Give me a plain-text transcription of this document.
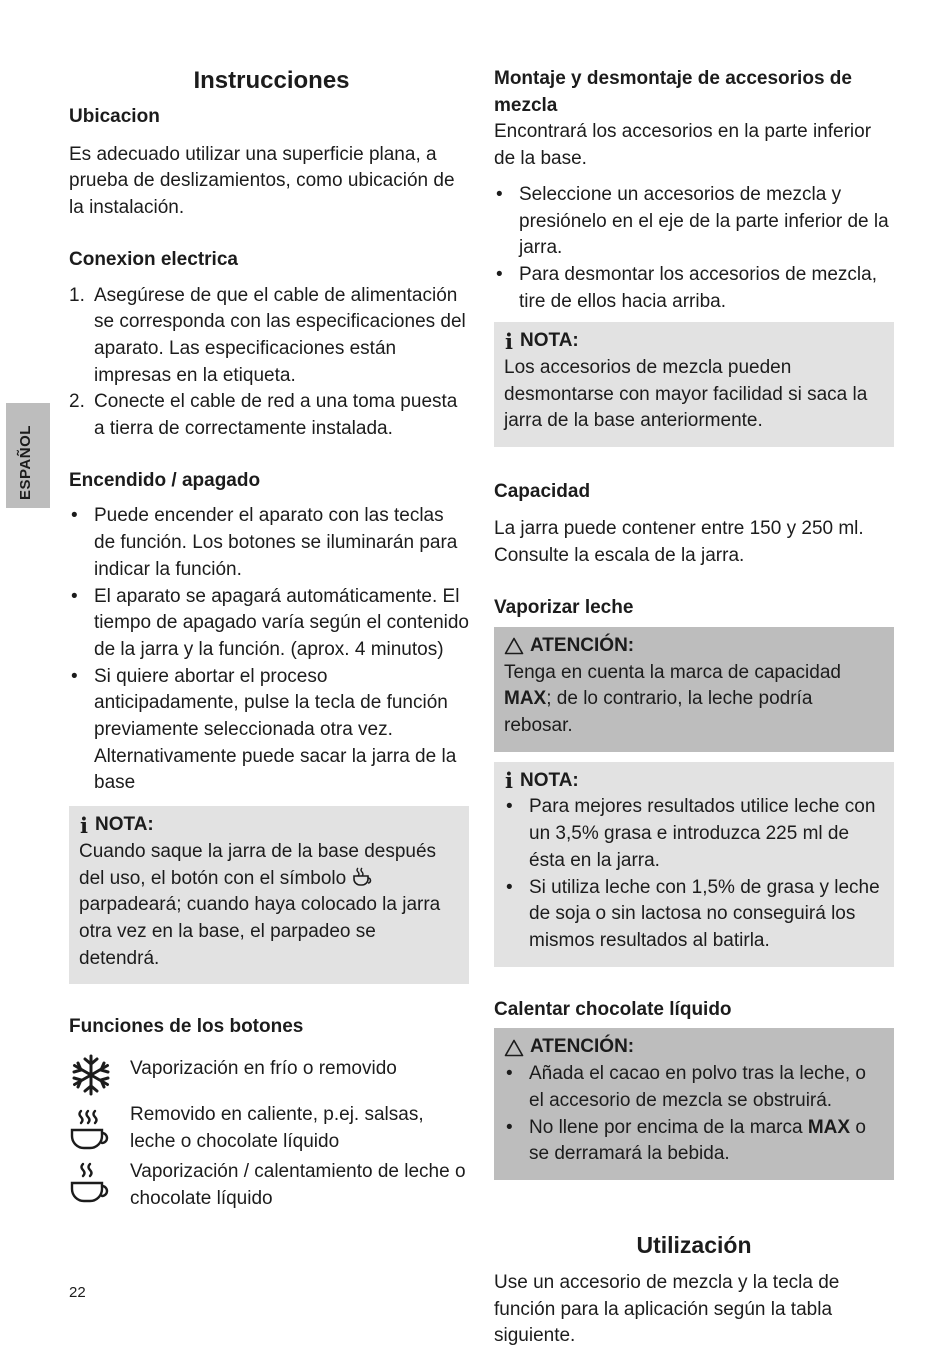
ESPAÑOL
Instrucciones
Ubicacion

Es adecuado utilizar una superficie plana, a prueba de deslizamientos, como ubicación de la instalación.

Conexion electrica
1. Asegúrese de que el cable de alimentación se corresponda con las especificaciones del aparato. Las especificaciones están impresas en la etiqueta.
2. Conecte el cable de red a una toma puesta a tierra de correctamente instalada.
Encendido / apagado
• Puede encender el aparato con las teclas de función. Los botones se iluminarán para indicar la función.
• El aparato se apagará automáticamente. El tiempo de apagado varía según el contenido de la jarra y la función. (aprox. 4 minutos)
• Si quiere abortar el proceso anticipadamente, pulse la tecla de función previamente seleccionada otra vez. Alternativamente puede sacar la jarra de la base
i NOTA:

Cuando saque la jarra de la base después del uso, el botón con el símbolo  parpadeará; cuando haya colocado la jarra otra vez en la base, el parpadeo se detendrá.

Funciones de los botones
Vaporización en frío o removido
Removido en caliente, p.ej. salsas, leche o chocolate líquido
Vaporización / calentamiento de leche o chocolate líquido
Montaje y desmontaje de accesorios de mezcla

Encontrará los accesorios en la parte inferior de la base.

• Seleccione un accesorios de mezcla y presiónelo en el eje de la parte inferior de la jarra.
• Para desmontar los accesorios de mezcla, tire de ellos hacia arriba.
i NOTA:

Los accesorios de mezcla pueden desmontarse con mayor facilidad si saca la jarra de la base anteriormente.

Capacidad

La jarra puede contener entre 150 y 250 ml. Consulte la escala de la jarra.

Vaporizar leche
ATENCIÓN:

Tenga en cuenta la marca de capacidad MAX; de lo contrario, la leche podría rebosar.

i NOTA:
• Para mejores resultados utilice leche con un 3,5% grasa e introduzca 225 ml de ésta en la jarra.
• Si utiliza leche con 1,5% de grasa y leche de soja o sin lactosa no conseguirá los mismos resultados al batirla.
Calentar chocolate líquido
ATENCIÓN:
• Añada el cacao en polvo tras la leche, o el accesorio de mezcla se obstruirá.
• No llene por encima de la marca MAX o se derramará la bebida.
Utilización

Use un accesorio de mezcla y la tecla de función para la aplicación según la tabla siguiente.

22
